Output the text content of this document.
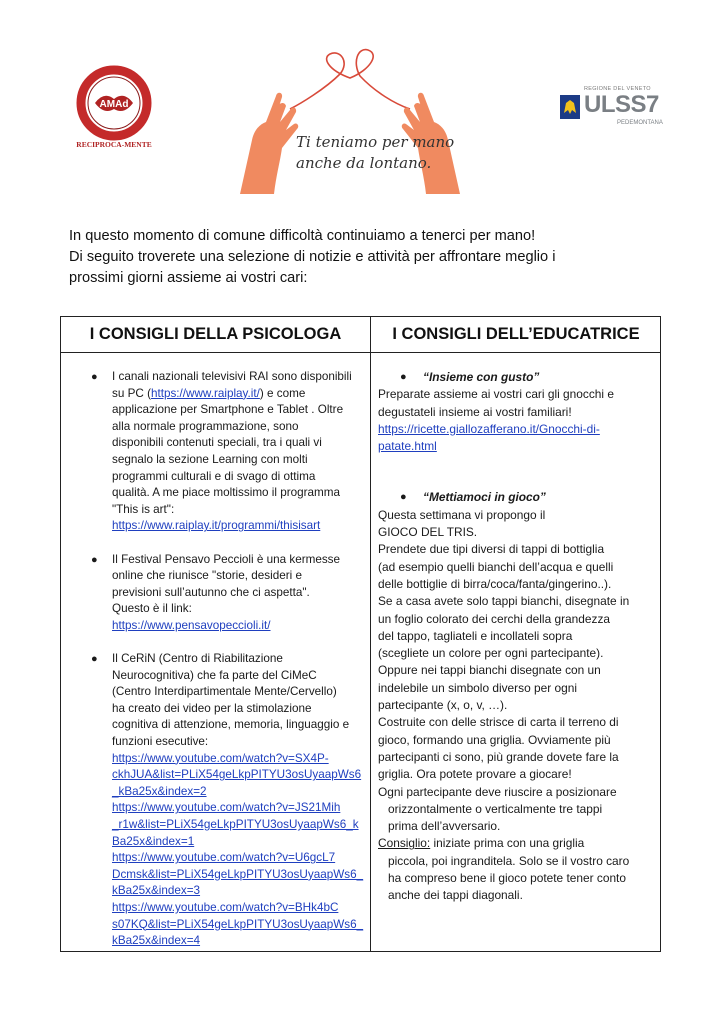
AMAd
RECIPROCA-MENTE	Ti teniamo per mano
anche da lontano.
REGIONE DEL VENETO
ULSS7
PEDEMONTANA
In questo momento di comune difficoltà continuiamo a tenerci per mano!
Di seguito troverete una selezione di notizie e attività per affrontare meglio i
prossimi giorni assieme ai vostri cari:
I CONSIGLI DELLA PSICOLOGA	I CONSIGLI DELL’EDUCATRICE
● I canali nazionali televisivi RAI sono disponibili

su PC (https://www.raiplay.it/) e come

applicazione per Smartphone e Tablet . Oltre

alla normale programmazione, sono

disponibili contenuti speciali, tra i quali vi

segnalo la sezione Learning con molti

programmi culturali e di svago di ottima

qualità. A me piace moltissimo il programma

"This is art":

https://www.raiplay.it/programmi/thisisart
● Il Festival Pensavo Peccioli è una kermesse

online che riunisce "storie, desideri e

previsioni sull’autunno che ci aspetta".

Questo è il link:

https://www.pensavopeccioli.it/
● Il CeRiN (Centro di Riabilitazione

Neurocognitiva) che fa parte del CiMeC

(Centro Interdipartimentale Mente/Cervello)

ha creato dei video per la stimolazione

cognitiva di attenzione, memoria, linguaggio e

funzioni esecutive:

https://www.youtube.com/watch?v=SX4P-
ckhJUA&list=PLiX54geLkpPITYU3osUyaapWs6
_kBa25x&index=2
https://www.youtube.com/watch?v=JS21Mih
_r1w&list=PLiX54geLkpPITYU3osUyaapWs6_k
Ba25x&index=1
https://www.youtube.com/watch?v=U6gcL7
Dcmsk&list=PLiX54geLkpPITYU3osUyaapWs6_
kBa25x&index=3
https://www.youtube.com/watch?v=BHk4bC
s07KQ&list=PLiX54geLkpPITYU3osUyaapWs6_
kBa25x&index=4
● “Insieme con gusto”

Preparate assieme ai vostri cari gli gnocchi e

degustateli insieme ai vostri familiari!

https://ricette.giallozafferano.it/Gnocchi-di-
patate.html
● “Mettiamoci in gioco”

Questa settimana vi propongo il

GIOCO DEL TRIS.

Prendete due tipi diversi di tappi di bottiglia

(ad esempio quelli bianchi dell’acqua e quelli

delle bottiglie di birra/coca/fanta/gingerino..).

Se a casa avete solo tappi bianchi, disegnate in

un foglio colorato dei cerchi della grandezza

del tappo, tagliateli e incollateli sopra

(scegliete un colore per ogni partecipante).

Oppure nei tappi bianchi disegnate con un

indelebile un simbolo diverso per ogni

partecipante (x, o, v, …).

Costruite con delle strisce di carta il terreno di

gioco, formando una griglia. Ovviamente più

partecipanti ci sono, più grande dovete fare la

griglia. Ora potete provare a giocare!

Ogni partecipante deve riuscire a posizionare

orizzontalmente o verticalmente tre tappi

prima dell’avversario.

Consiglio: iniziate prima con una griglia

piccola, poi ingranditela. Solo se il vostro caro

ha compreso bene il gioco potete tener conto

anche dei tappi diagonali.
